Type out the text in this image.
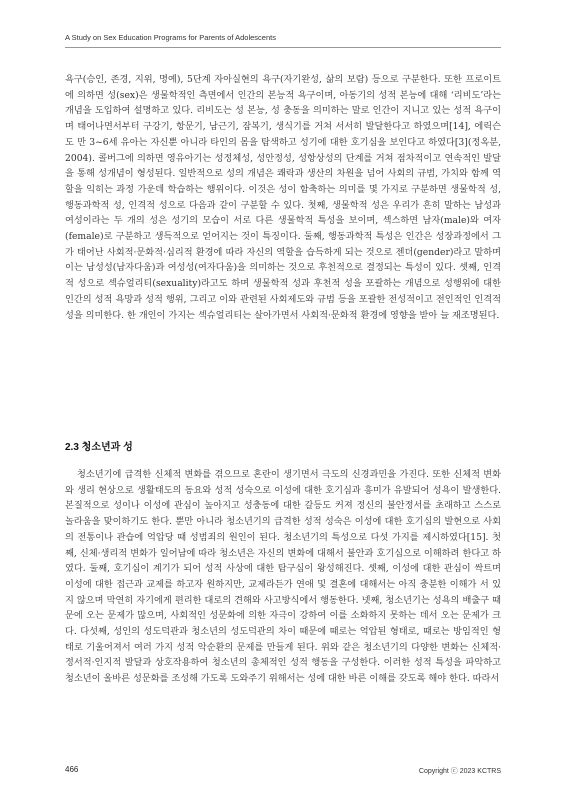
A Study on Sex Education Programs for Parents of Adolescents

욕구(승인, 존경, 지위, 명예), 5단계 자아실현의 욕구(자기완성, 삶의 보람) 등으로 구분한다. 또한 프로이트에 의하면 성(sex)은 생물학적인 측면에서 인간의 본능적 욕구이며, 아동기의 성적 본능에 대해 ‘리비도’라는 개념을 도입하여 설명하고 있다. 리비도는 성 본능, 성 충동을 의미하는 말로 인간이 지니고 있는 성적 욕구이며 태어나면서부터 구강기, 항문기, 남근기, 잠복기, 생식기를 거쳐 서서히 발달한다고 하였으며[14], 에릭슨도 만 3~6세 유아는 자신뿐 아니라 타인의 몸을 탐색하고 성기에 대한 호기심을 보인다고 하였다[3](정옥분, 2004). 콜버그에 의하면 영유아기는 성정체성, 성안정성, 성항상성의 단계를 거쳐 점차적이고 연속적인 발달을 통해 성개념이 형성된다. 일반적으로 성의 개념은 쾌락과 생산의 차원을 넘어 사회의 규범, 가치와 함께 역할을 익히는 과정 가운데 학습하는 행위이다. 이것은 성이 함축하는 의미를 몇 가지로 구분하면 생물학적 성, 행동과학적 성, 인격적 성으로 다음과 같이 구분할 수 있다. 첫째, 생물학적 성은 우리가 흔히 말하는 남성과 여성이라는 두 개의 성은 성기의 모습이 서로 다른 생물학적 특성을 보이며, 섹스하면 남자(male)와 여자(female)로 구분하고 생득적으로 얻어지는 것이 특징이다. 둘째, 행동과학적 특성은 인간은 성장과정에서 그가 태어난 사회적·문화적·심리적 환경에 따라 자신의 역할을 습득하게 되는 것으로 젠더(gender)라고 말하며 이는 남성성(남자다움)과 여성성(여자다움)을 의미하는 것으로 후천적으로 결정되는 특성이 있다. 셋째, 인격적 성으로 섹슈얼리티(sexuality)라고도 하며 생물학적 성과 후천적 성을 포괄하는 개념으로 성행위에 대한 인간의 성적 욕망과 성적 행위, 그리고 이와 관련된 사회제도와 규범 등을 포괄한 전성적이고 전인적인 인격적 성을 의미한다. 한 개인이 가지는 섹슈얼리티는 살아가면서 사회적·문화적 환경에 영향을 받아 늘 재조명된다.

2.3 청소년과 성

청소년기에 급격한 신체적 변화를 겪으므로 혼란이 생기면서 극도의 신경과민을 가진다. 또한 신체적 변화와 생리 현상으로 생활태도의 동요와 성적 성숙으로 이성에 대한 호기심과 흥미가 유발되어 성욕이 발생한다. 본질적으로 성이나 이성에 관심이 높아지고 성충동에 대한 갈등도 커져 정신의 불안정서를 초래하고 스스로 놀라움을 맞이하기도 한다. 뿐만 아니라 청소년기의 급격한 성적 성숙은 이성에 대한 호기심의 발현으로 사회의 전통이나 관습에 억압당 때 성범죄의 원인이 된다. 청소년기의 특성으로 다섯 가지를 제시하였다[15]. 첫째, 신체·생리적 변화가 일어남에 따라 청소년은 자신의 변화에 대해서 불안과 호기심으로 이해하려 한다고 하였다. 둘째, 호기심이 계기가 되어 성적 사상에 대한 탐구심이 왕성해진다. 셋째, 이성에 대한 관심이 싹트며 이성에 대한 접근과 교제를 하고자 원하지만, 교제라든가 연애 및 결혼에 대해서는 아직 충분한 이해가 서 있지 않으며 막연히 자기에게 편리한 대로의 견해와 사고방식에서 행동한다. 넷째, 청소년기는 성욕의 배출구 때문에 오는 문제가 많으며, 사회적인 성문화에 의한 자극이 강하여 이를 소화하지 못하는 데서 오는 문제가 크다. 다섯째, 성인의 성도덕관과 청소년의 성도덕관의 차이 때문에 때로는 억압된 형태로, 때로는 방임적인 형태로 기울어져서 여러 가지 성적 악순환의 문제를 만들게 된다. 위와 같은 청소년기의 다양한 변화는 신체적·정서적·인지적 발달과 상호작용하여 청소년의 총체적인 성적 행동을 구성한다. 이러한 성적 특성을 파악하고 청소년이 올바른 성문화를 조성해 가도록 도와주기 위해서는 성에 대한 바른 이해를 갖도록 해야 한다. 따라서

466	Copyright ⓒ 2023 KCTRS
